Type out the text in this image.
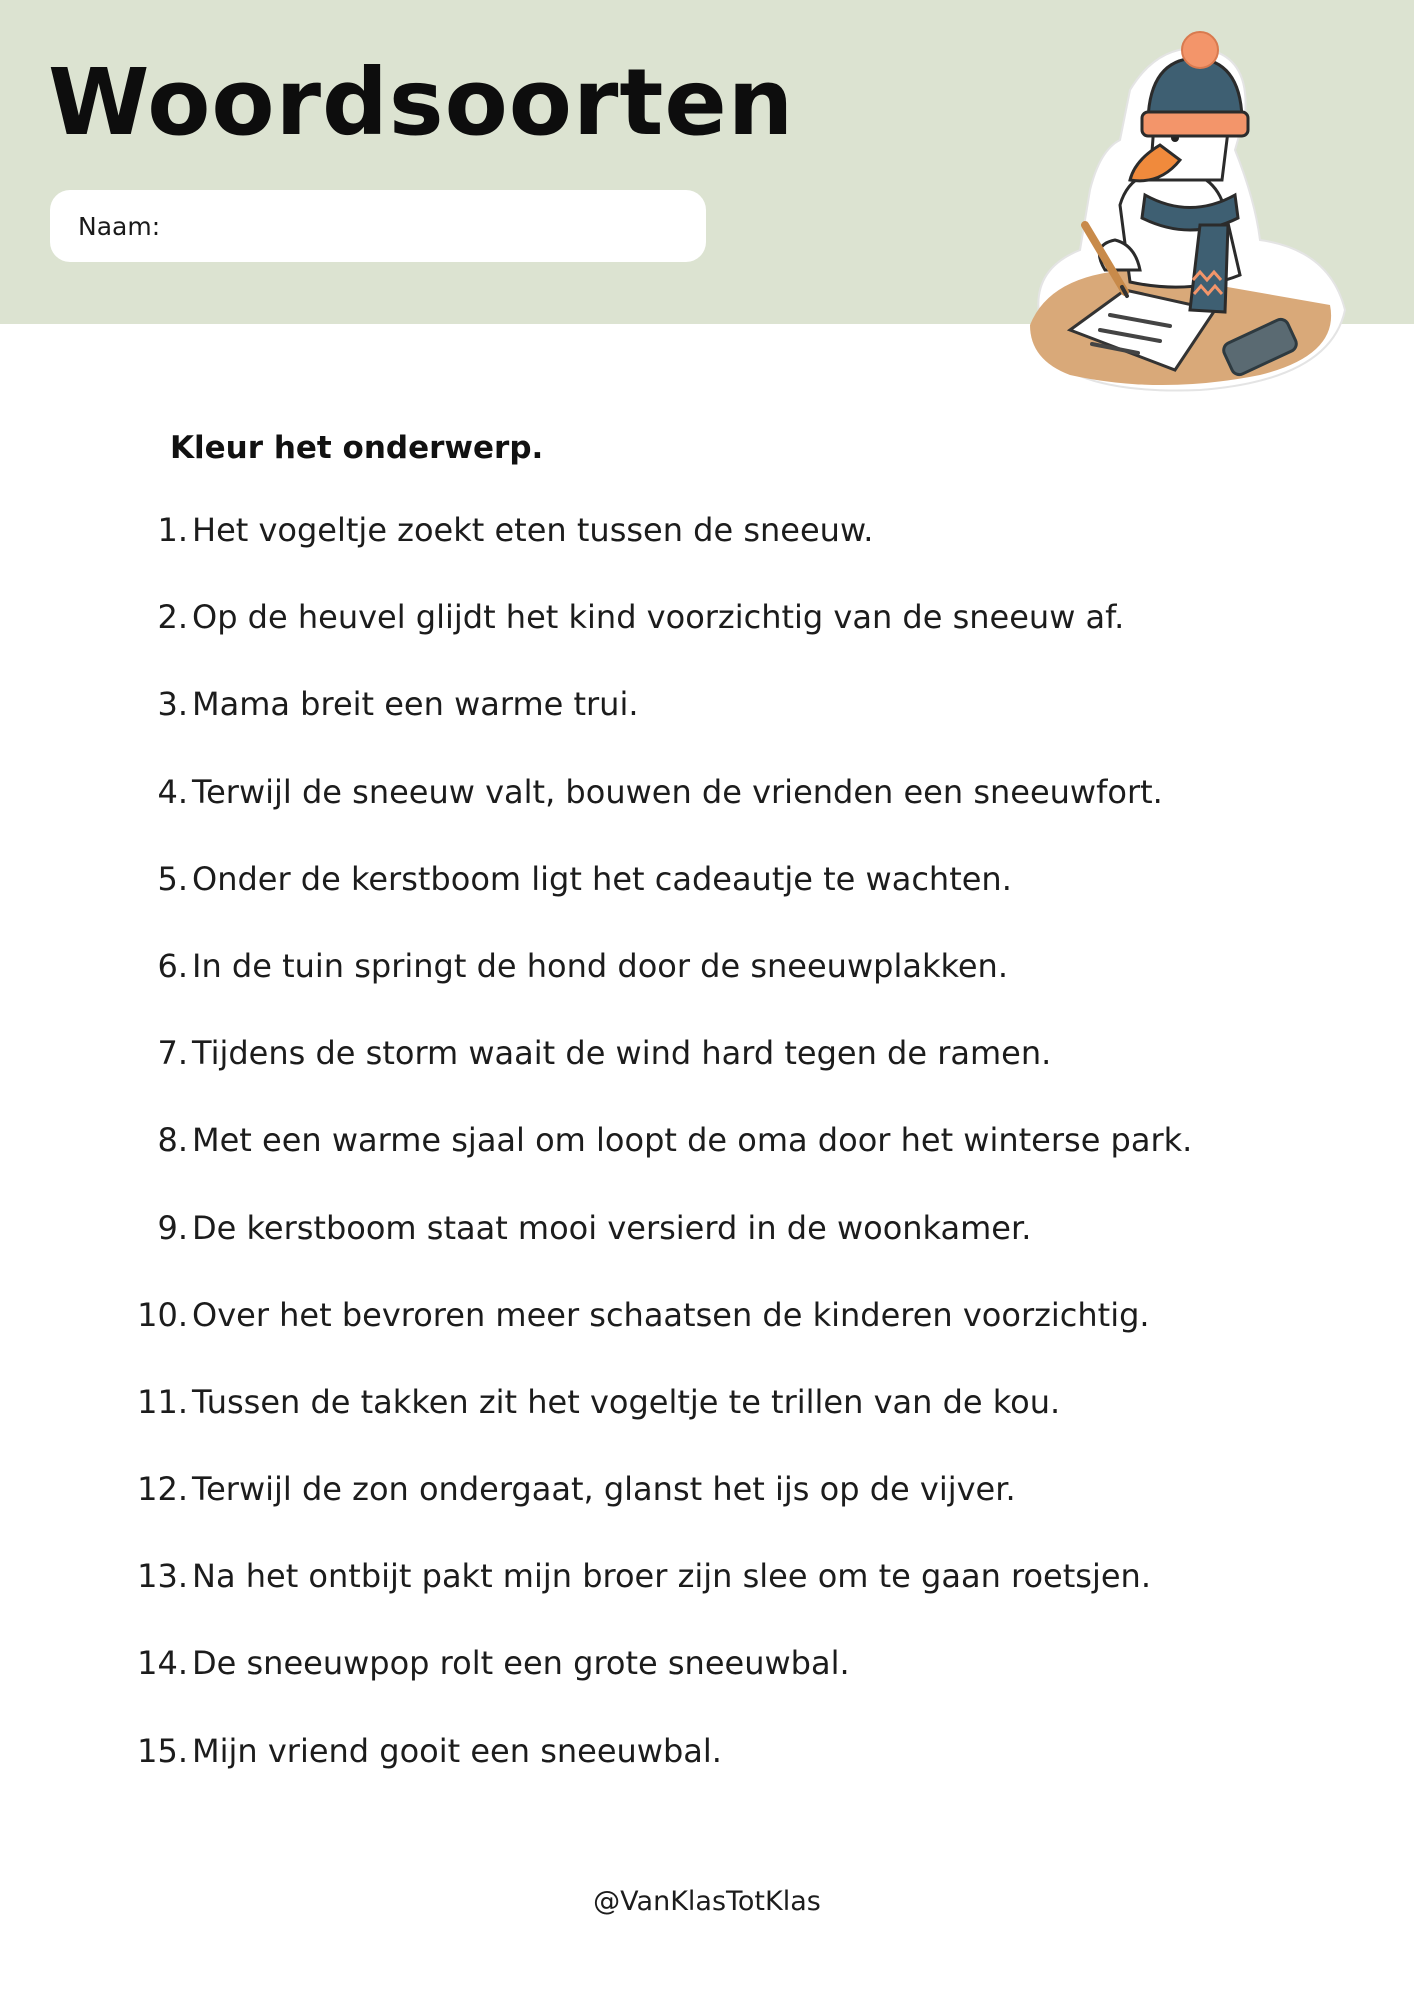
Woordsoorten
Naam:
Kleur het onderwerp.
1. Het vogeltje zoekt eten tussen de sneeuw.
2. Op de heuvel glijdt het kind voorzichtig van de sneeuw af.
3. Mama breit een warme trui.
4. Terwijl de sneeuw valt, bouwen de vrienden een sneeuwfort.
5. Onder de kerstboom ligt het cadeautje te wachten.
6. In de tuin springt de hond door de sneeuwplakken.
7. Tijdens de storm waait de wind hard tegen de ramen.
8. Met een warme sjaal om loopt de oma door het winterse park.
9. De kerstboom staat mooi versierd in de woonkamer.
10. Over het bevroren meer schaatsen de kinderen voorzichtig.
11. Tussen de takken zit het vogeltje te trillen van de kou.
12. Terwijl de zon ondergaat, glanst het ijs op de vijver.
13. Na het ontbijt pakt mijn broer zijn slee om te gaan roetsjen.
14. De sneeuwpop rolt een grote sneeuwbal.
15. Mijn vriend gooit een sneeuwbal.
@VanKlasTotKlas
